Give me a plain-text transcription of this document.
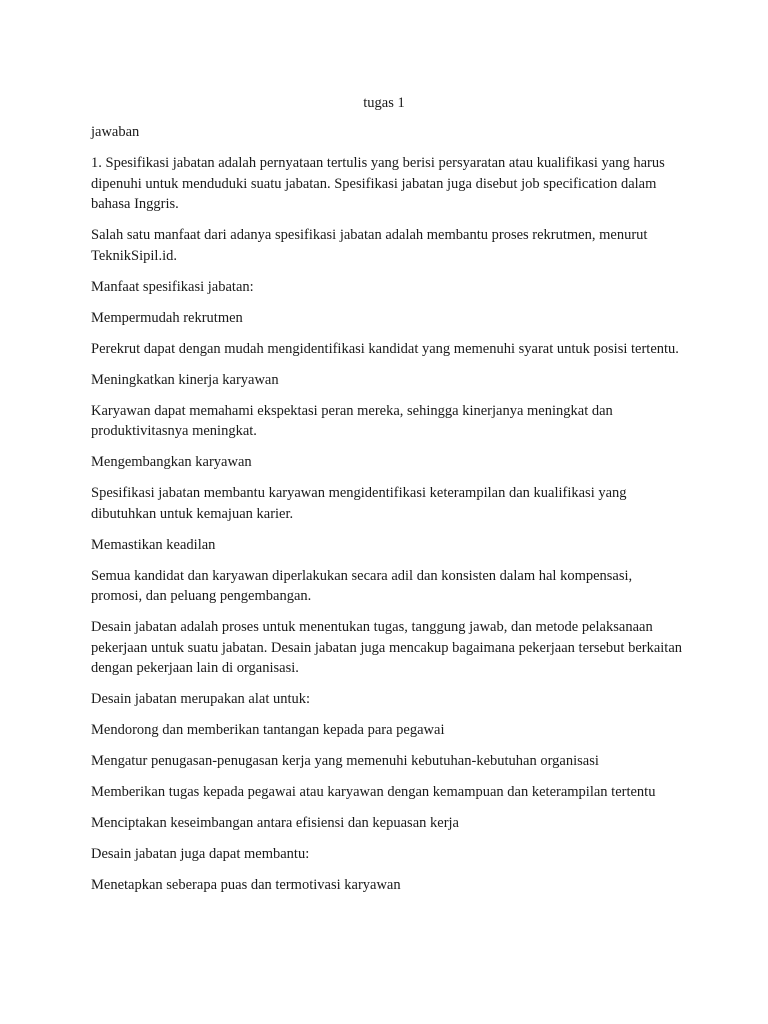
tugas 1

jawaban

1. Spesifikasi jabatan adalah pernyataan tertulis yang berisi persyaratan atau kualifikasi yang harus dipenuhi untuk menduduki suatu jabatan. Spesifikasi jabatan juga disebut job specification dalam bahasa Inggris.

Salah satu manfaat dari adanya spesifikasi jabatan adalah membantu proses rekrutmen, menurut TeknikSipil.id.

Manfaat spesifikasi jabatan:

Mempermudah rekrutmen

Perekrut dapat dengan mudah mengidentifikasi kandidat yang memenuhi syarat untuk posisi tertentu.

Meningkatkan kinerja karyawan

Karyawan dapat memahami ekspektasi peran mereka, sehingga kinerjanya meningkat dan produktivitasnya meningkat.

Mengembangkan karyawan

Spesifikasi jabatan membantu karyawan mengidentifikasi keterampilan dan kualifikasi yang dibutuhkan untuk kemajuan karier.

Memastikan keadilan

Semua kandidat dan karyawan diperlakukan secara adil dan konsisten dalam hal kompensasi, promosi, dan peluang pengembangan.

Desain jabatan adalah proses untuk menentukan tugas, tanggung jawab, dan metode pelaksanaan pekerjaan untuk suatu jabatan. Desain jabatan juga mencakup bagaimana pekerjaan tersebut berkaitan dengan pekerjaan lain di organisasi.

Desain jabatan merupakan alat untuk:

Mendorong dan memberikan tantangan kepada para pegawai

Mengatur penugasan-penugasan kerja yang memenuhi kebutuhan-kebutuhan organisasi

Memberikan tugas kepada pegawai atau karyawan dengan kemampuan dan keterampilan tertentu

Menciptakan keseimbangan antara efisiensi dan kepuasan kerja

Desain jabatan juga dapat membantu:

Menetapkan seberapa puas dan termotivasi karyawan
